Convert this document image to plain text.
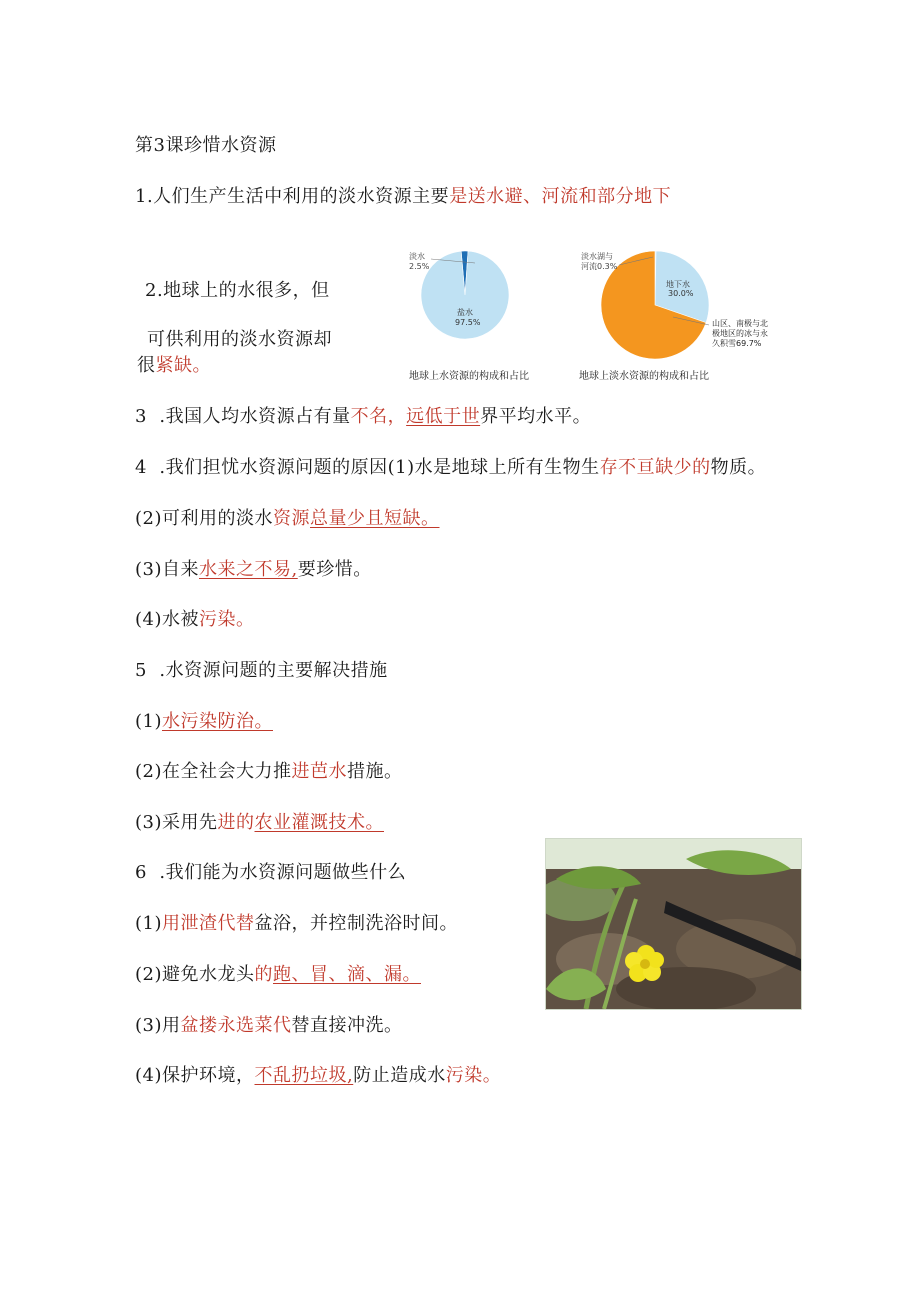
第3课珍惜水资源
1.人们生产生活中利用的淡水资源主要是送水避、河流和部分地下
2.地球上的水很多，但
可供利用的淡水资源却
很紧缺。
淡水
2.5%
盐水
97.5%
地球上水资源的构成和占比
淡水湖与
河流0.3%
地下水
30.0%
山区、南极与北
极地区的冰与永
久积雪69.7%
地球上淡水资源的构成和占比
3  .我国人均水资源占有量不名，远低于世界平均水平。
4  .我们担忧水资源问题的原因(1)水是地球上所有生物生存不亘缺少的物质。
(2)可利用的淡水资源总量少且短缺。
(3)自来水来之不易,要珍惜。
(4)水被污染。
5  .水资源问题的主要解决措施
(1)水污染防治。
(2)在全社会大力推进芭水措施。
(3)采用先进的农业灌溉技术。
6  .我们能为水资源问题做些什么
(1)用泄渣代替盆浴，并控制洗浴时间。
(2)避免水龙头的跑、冒、滴、漏。
(3)用盆搂永选菜代替直接冲洗。
(4)保护环境，不乱扔垃圾,防止造成水污染。
